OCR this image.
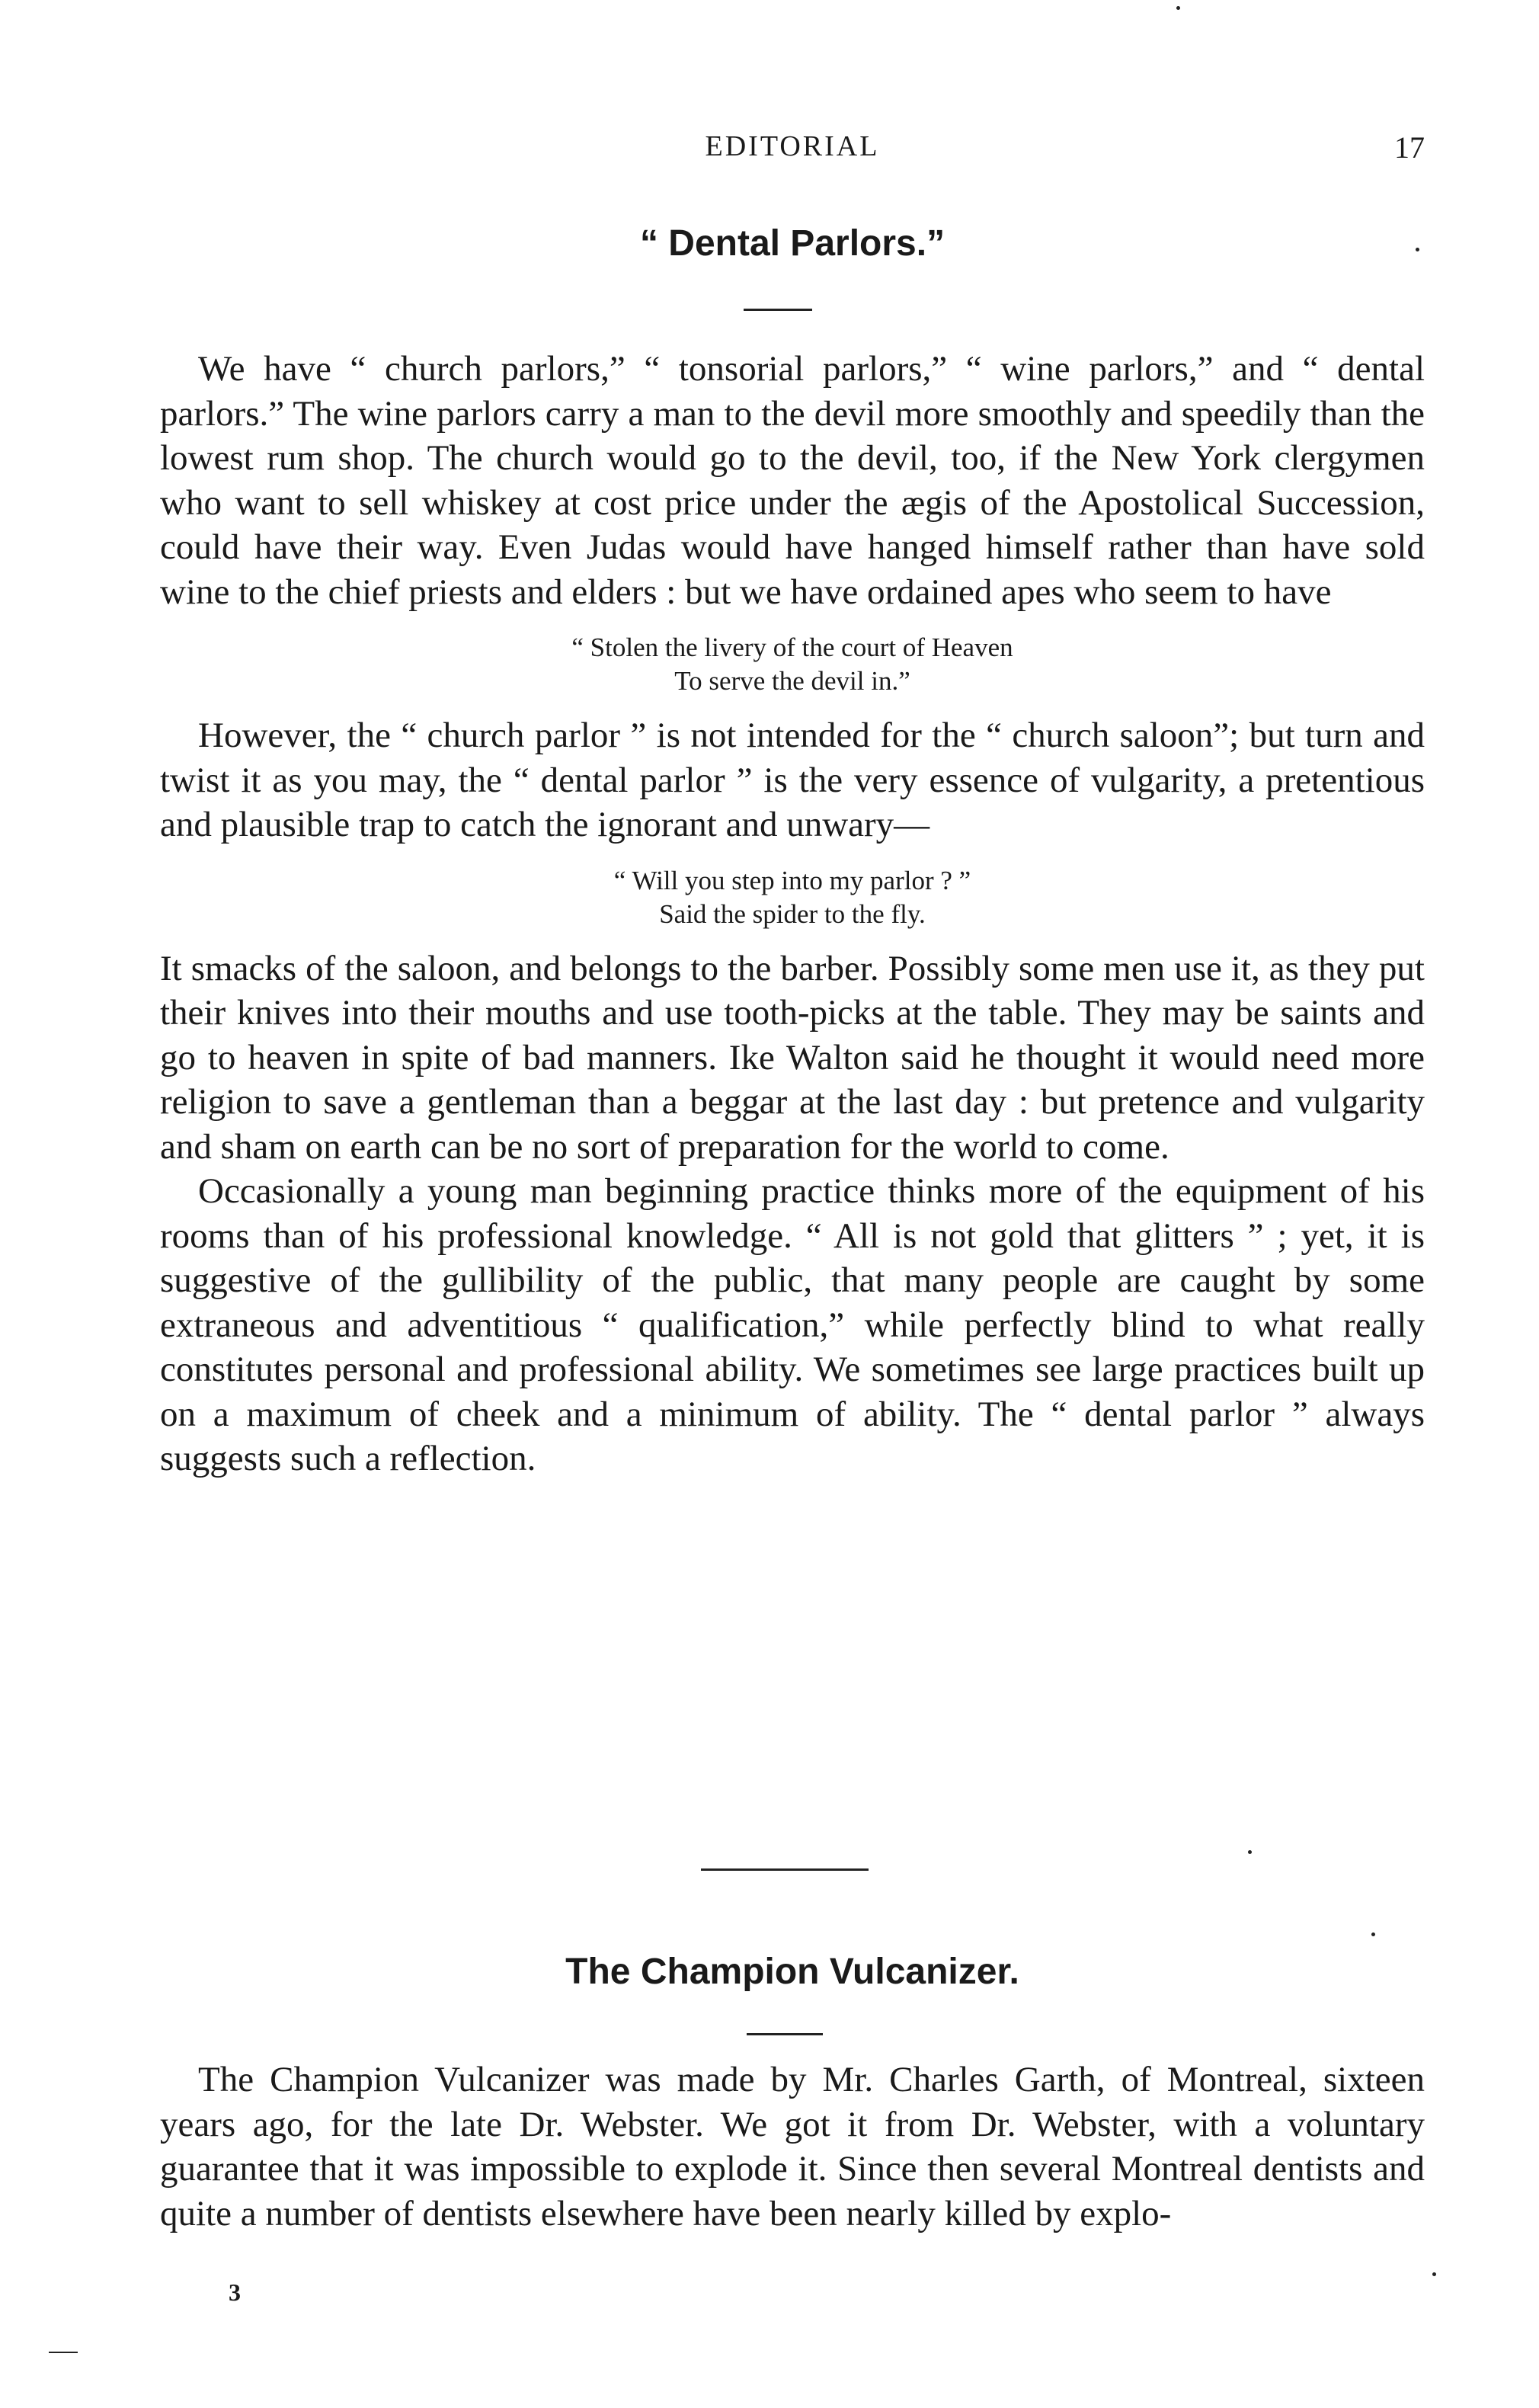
EDITORIAL	17
“ Dental Parlors.”

We have “ church parlors,” “ tonsorial parlors,” “ wine parlors,” and “ dental parlors.” The wine parlors carry a man to the devil more smoothly and speedily than the lowest rum shop. The church would go to the devil, too, if the New York clergymen who want to sell whiskey at cost price under the ægis of the Apostolical Succession, could have their way. Even Judas would have hanged himself rather than have sold wine to the chief priests and elders : but we have ordained apes who seem to have

“ Stolen the livery of the court of Heaven
To serve the devil in.”

However, the “ church parlor ” is not intended for the “ church saloon”; but turn and twist it as you may, the “ dental parlor ” is the very essence of vulgarity, a pretentious and plausible trap to catch the ignorant and unwary—

“ Will you step into my parlor ? ”
Said the spider to the fly.

It smacks of the saloon, and belongs to the barber. Possibly some men use it, as they put their knives into their mouths and use tooth-picks at the table. They may be saints and go to heaven in spite of bad manners. Ike Walton said he thought it would need more religion to save a gentleman than a beggar at the last day : but pretence and vulgarity and sham on earth can be no sort of preparation for the world to come.

Occasionally a young man beginning practice thinks more of the equipment of his rooms than of his professional knowledge. “ All is not gold that glitters ” ; yet, it is suggestive of the gullibility of the public, that many people are caught by some extraneous and adventitious “ qualification,” while perfectly blind to what really constitutes personal and professional ability. We sometimes see large practices built up on a maximum of cheek and a minimum of ability. The “ dental parlor ” always suggests such a reflection.

The Champion Vulcanizer.

The Champion Vulcanizer was made by Mr. Charles Garth, of Montreal, sixteen years ago, for the late Dr. Webster. We got it from Dr. Webster, with a voluntary guarantee that it was impossible to explode it. Since then several Montreal dentists and quite a number of dentists elsewhere have been nearly killed by explo-

3
